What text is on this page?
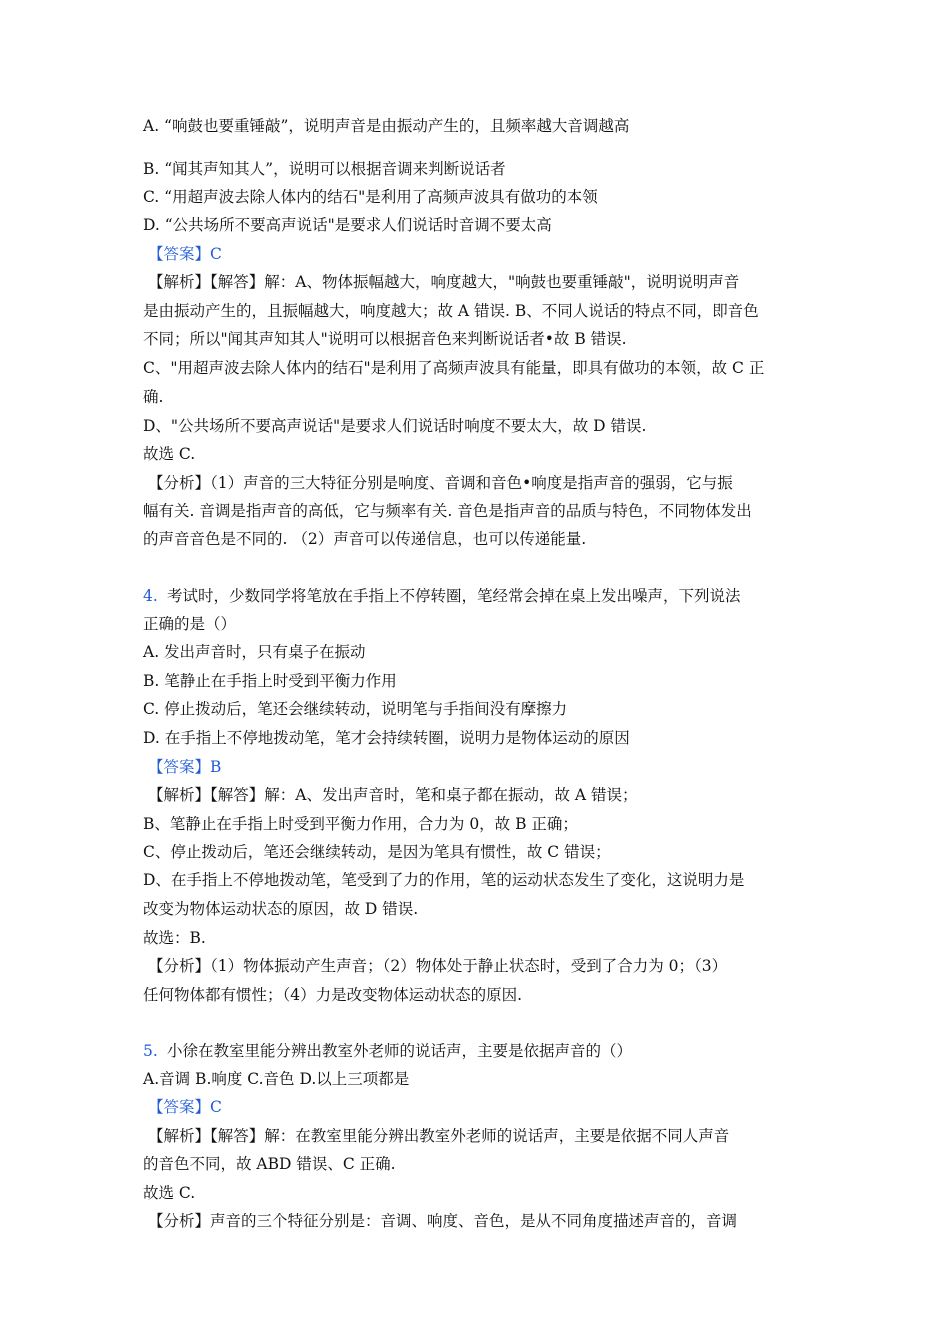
A. “响鼓也要重锤敲”，说明声音是由振动产生的，且频率越大音调越高
B. “闻其声知其人”，说明可以根据音调来判断说话者
C. “用超声波去除人体内的结石"是利用了高频声波具有做功的本领
D. “公共场所不要高声说话"是要求人们说话时音调不要太高
【答案】C
【解析】【解答】解：A、物体振幅越大，响度越大，"响鼓也要重锤敲"，说明说明声音
是由振动产生的，且振幅越大，响度越大；故 A 错误. B、不同人说话的特点不同，即音色
不同；所以"闻其声知其人"说明可以根据音色来判断说话者•故 B 错误.
C、"用超声波去除人体内的结石"是利用了高频声波具有能量，即具有做功的本领，故 C 正
确.
D、"公共场所不要高声说话"是要求人们说话时响度不要太大，故 D 错误.
故选 C.
【分析】（1）声音的三大特征分别是响度、音调和音色•响度是指声音的强弱，它与振
幅有关. 音调是指声音的高低，它与频率有关. 音色是指声音的品质与特色，不同物体发出
的声音音色是不同的. （2）声音可以传递信息，也可以传递能量.
4. 考试时，少数同学将笔放在手指上不停转圈，笔经常会掉在桌上发出噪声，下列说法
正确的是（）
A. 发出声音时，只有桌子在振动
B. 笔静止在手指上时受到平衡力作用
C. 停止拨动后，笔还会继续转动，说明笔与手指间没有摩擦力
D. 在手指上不停地拨动笔，笔才会持续转圈，说明力是物体运动的原因
【答案】B
【解析】【解答】解：A、发出声音时，笔和桌子都在振动，故 A 错误；
B、笔静止在手指上时受到平衡力作用，合力为 0，故 B 正确；
C、停止拨动后，笔还会继续转动，是因为笔具有惯性，故 C 错误；
D、在手指上不停地拨动笔，笔受到了力的作用，笔的运动状态发生了变化，这说明力是
改变为物体运动状态的原因，故 D 错误.
故选：B.
【分析】（1）物体振动产生声音；（2）物体处于静止状态时，受到了合力为 0；（3）
任何物体都有惯性；（4）力是改变物体运动状态的原因.
5. 小徐在教室里能分辨出教室外老师的说话声，主要是依据声音的（）
A.音调 B.响度 C.音色 D.以上三项都是
【答案】C
【解析】【解答】解：在教室里能分辨出教室外老师的说话声，主要是依据不同人声音
的音色不同，故 ABD 错误、C 正确.
故选 C.
【分析】声音的三个特征分别是：音调、响度、音色，是从不同角度描述声音的，音调
